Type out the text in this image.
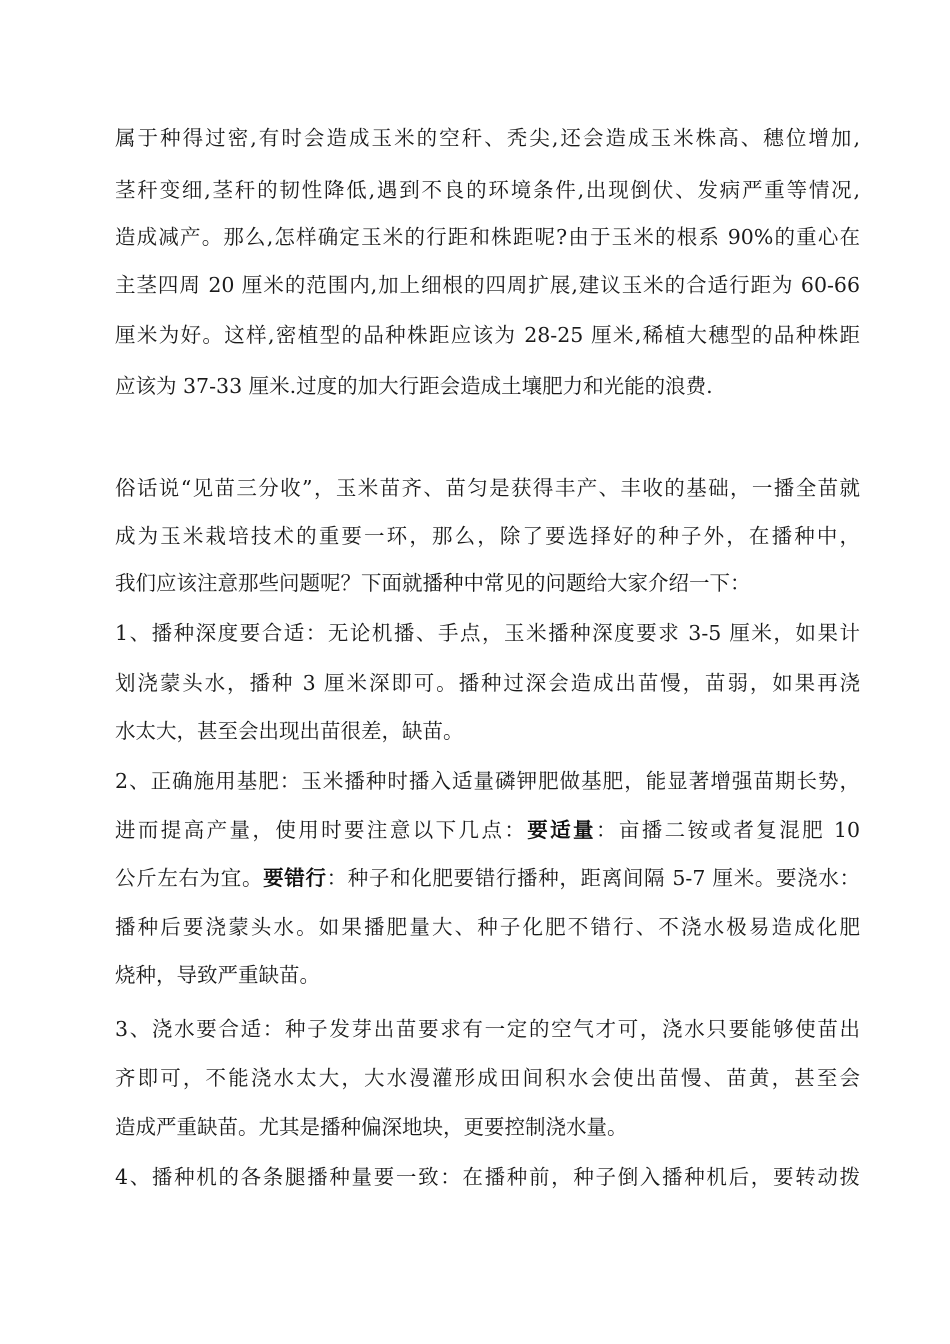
属于种得过密,有时会造成玉米的空秆、秃尖,还会造成玉米株高、穗位增加,

茎秆变细,茎秆的韧性降低,遇到不良的环境条件,出现倒伏、发病严重等情况,

造成减产。那么,怎样确定玉米的行距和株距呢?由于玉米的根系 90%的重心在

主茎四周 20 厘米的范围内,加上细根的四周扩展,建议玉米的合适行距为 60-66

厘米为好。这样,密植型的品种株距应该为 28-25 厘米,稀植大穗型的品种株距

应该为 37-33 厘米.过度的加大行距会造成土壤肥力和光能的浪费.

俗话说“见苗三分收”，玉米苗齐、苗匀是获得丰产、丰收的基础，一播全苗就

成为玉米栽培技术的重要一环，那么，除了要选择好的种子外，在播种中，

我们应该注意那些问题呢？下面就播种中常见的问题给大家介绍一下：

1、播种深度要合适：无论机播、手点，玉米播种深度要求 3-5 厘米，如果计

划浇蒙头水，播种 3 厘米深即可。播种过深会造成出苗慢，苗弱，如果再浇

水太大，甚至会出现出苗很差，缺苗。

2、正确施用基肥：玉米播种时播入适量磷钾肥做基肥，能显著增强苗期长势，

进而提高产量，使用时要注意以下几点：要适量：亩播二铵或者复混肥 10

公斤左右为宜。要错行：种子和化肥要错行播种，距离间隔 5-7 厘米。要浇水：

播种后要浇蒙头水。如果播肥量大、种子化肥不错行、不浇水极易造成化肥

烧种，导致严重缺苗。

3、浇水要合适：种子发芽出苗要求有一定的空气才可，浇水只要能够使苗出

齐即可，不能浇水太大，大水漫灌形成田间积水会使出苗慢、苗黄，甚至会

造成严重缺苗。尤其是播种偏深地块，更要控制浇水量。

4、播种机的各条腿播种量要一致：在播种前，种子倒入播种机后，要转动拨
